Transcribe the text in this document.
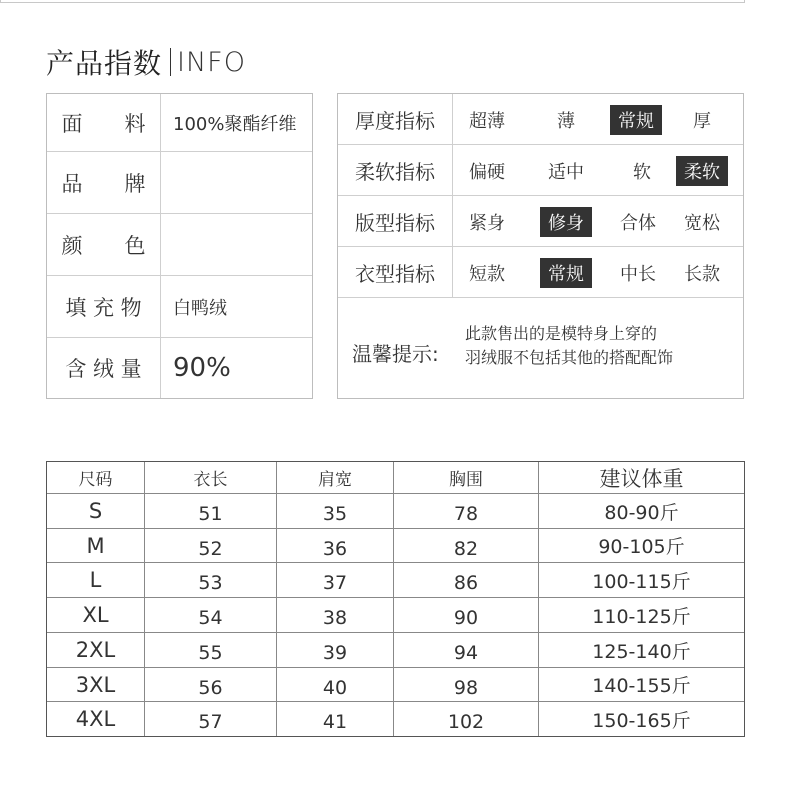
产品指数 INFO
面　　料 100%聚酯纤维
品　　牌
颜　　色
填 充 物 白鸭绒
含 绒 量 90%
厚度指标	超薄	薄	常规	厚
柔软指标	偏硬	适中	软	柔软
版型指标	紧身	修身	合体	宽松
衣型指标	短款	常规	中长	长款
温馨提示:
此款售出的是模特身上穿的
羽绒服不包括其他的搭配配饰
尺码	衣长	肩宽	胸围	建议体重
S	51	35	78	80-90斤
M	52	36	82	90-105斤
L	53	37	86	100-115斤
XL	54	38	90	110-125斤
2XL	55	39	94	125-140斤
3XL	56	40	98	140-155斤
4XL	57	41	102	150-165斤
